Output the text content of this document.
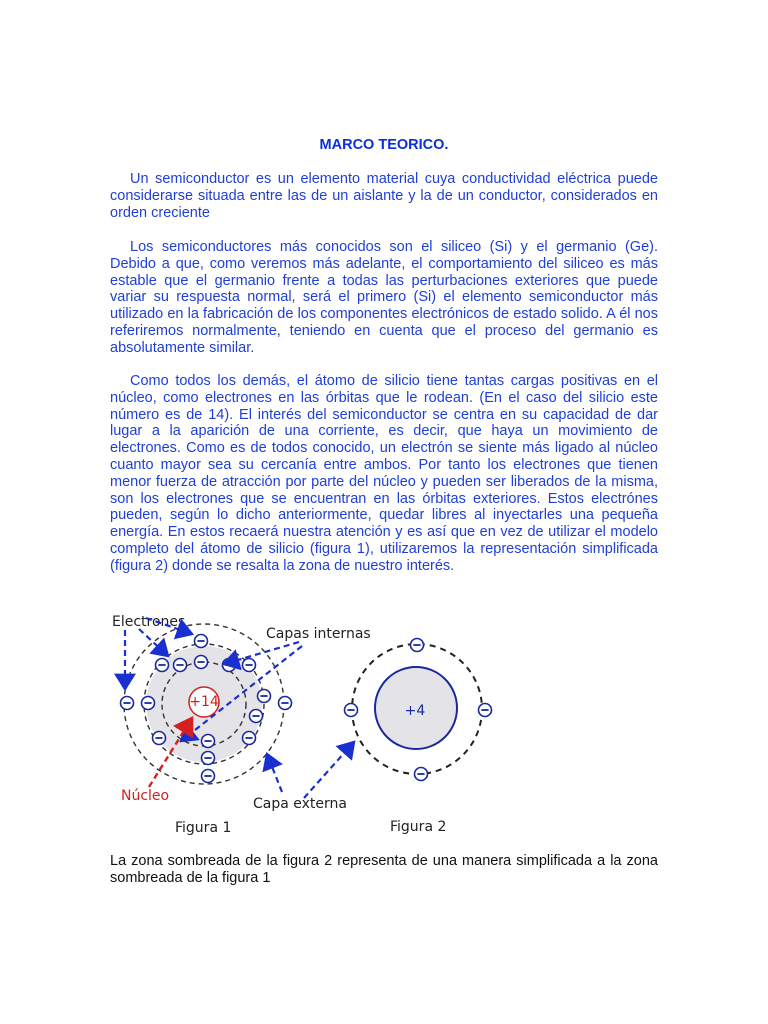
MARCO TEORICO.

Un semiconductor es un elemento material cuya conductividad eléctrica puede considerarse situada entre las de un aislante y la de un conductor, considerados en orden creciente

Los semiconductores más conocidos son el siliceo (Si) y el germanio (Ge). Debido a que, como veremos más adelante, el comportamiento del siliceo es más estable que el germanio frente a todas las perturbaciones exteriores que puede variar su respuesta normal, será el primero (Si) el elemento semiconductor más utilizado en la fabricación de los componentes electrónicos de estado solido. A él nos referiremos normalmente, teniendo en cuenta que el proceso del germanio es absolutamente similar.

Como todos los demás, el átomo de silicio tiene tantas cargas positivas en el núcleo, como electrones en las órbitas que le rodean. (En el caso del silicio este número es de 14). El interés del semiconductor se centra en su capacidad de dar lugar a la aparición de una corriente, es decir, que haya un movimiento de electrones. Como es de todos conocido, un electrón se siente más ligado al núcleo cuanto mayor sea su cercanía entre ambos. Por tanto los electrones que tienen menor fuerza de atracción por parte del núcleo y pueden ser liberados de la misma, son los electrones que se encuentran en las órbitas exteriores. Estos electrónes pueden, según lo dicho anteriormente, quedar libres al inyectarles una pequeña energía. En estos recaerá nuestra atención y es así que en vez de utilizar el modelo completo del átomo de silicio (figura 1), utilizaremos la representación simplificada (figura 2) donde se resalta la zona de nuestro interés.

+14
Electrones
Capas internas
Núcleo	Capa externa
Figura 1
+4
Figura 2

La zona sombreada de la figura 2 representa de una manera simplificada a la zona sombreada de la figura 1
